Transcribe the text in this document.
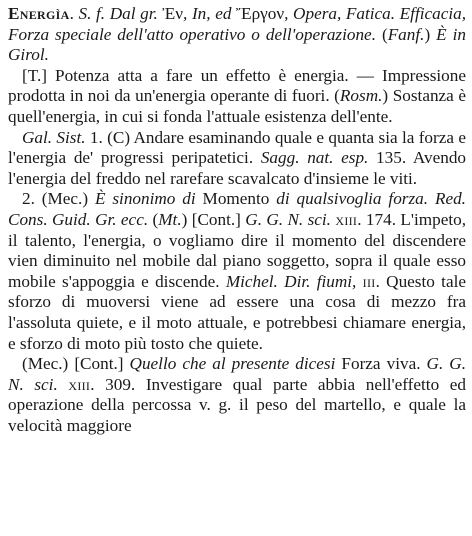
Energìa. S. f. Dal gr. Ἐν, In, ed Ἔργον, Opera, Fatica. Efficacia, Forza speciale dell'atto operativo o dell'operazione. (Fanf.) È in Girol.

[T.] Potenza atta a fare un effetto è energia. — Impressione prodotta in noi da un'energia operante di fuori. (Rosm.) Sostanza è quell'energia, in cui si fonda l'attuale esistenza dell'ente.

Gal. Sist. 1. (C) Andare esaminando quale e quanta sia la forza e l'energia de' progressi peripatetici. Sagg. nat. esp. 135. Avendo l'energia del freddo nel rarefare scavalcato d'insieme le viti.

2. (Mec.) È sinonimo di Momento di qualsivoglia forza. Red. Cons. Guid. Gr. ecc. (Mt.) [Cont.] G. G. N. sci. xiii. 174. L'impeto, il talento, l'energia, o vogliamo dire il momento del discendere vien diminuito nel mobile dal piano soggetto, sopra il quale esso mobile s'appoggia e discende. Michel. Dir. fiumi, iii. Questo tale sforzo di muoversi viene ad essere una cosa di mezzo fra l'assoluta quiete, e il moto attuale, e potrebbesi chiamare energia, e sforzo di moto più tosto che quiete.

(Mec.) [Cont.] Quello che al presente dicesi Forza viva. G. G. N. sci. xiii. 309. Investigare qual parte abbia nell'effetto ed operazione della percossa v. g. il peso del martello, e quale la velocità maggiore
